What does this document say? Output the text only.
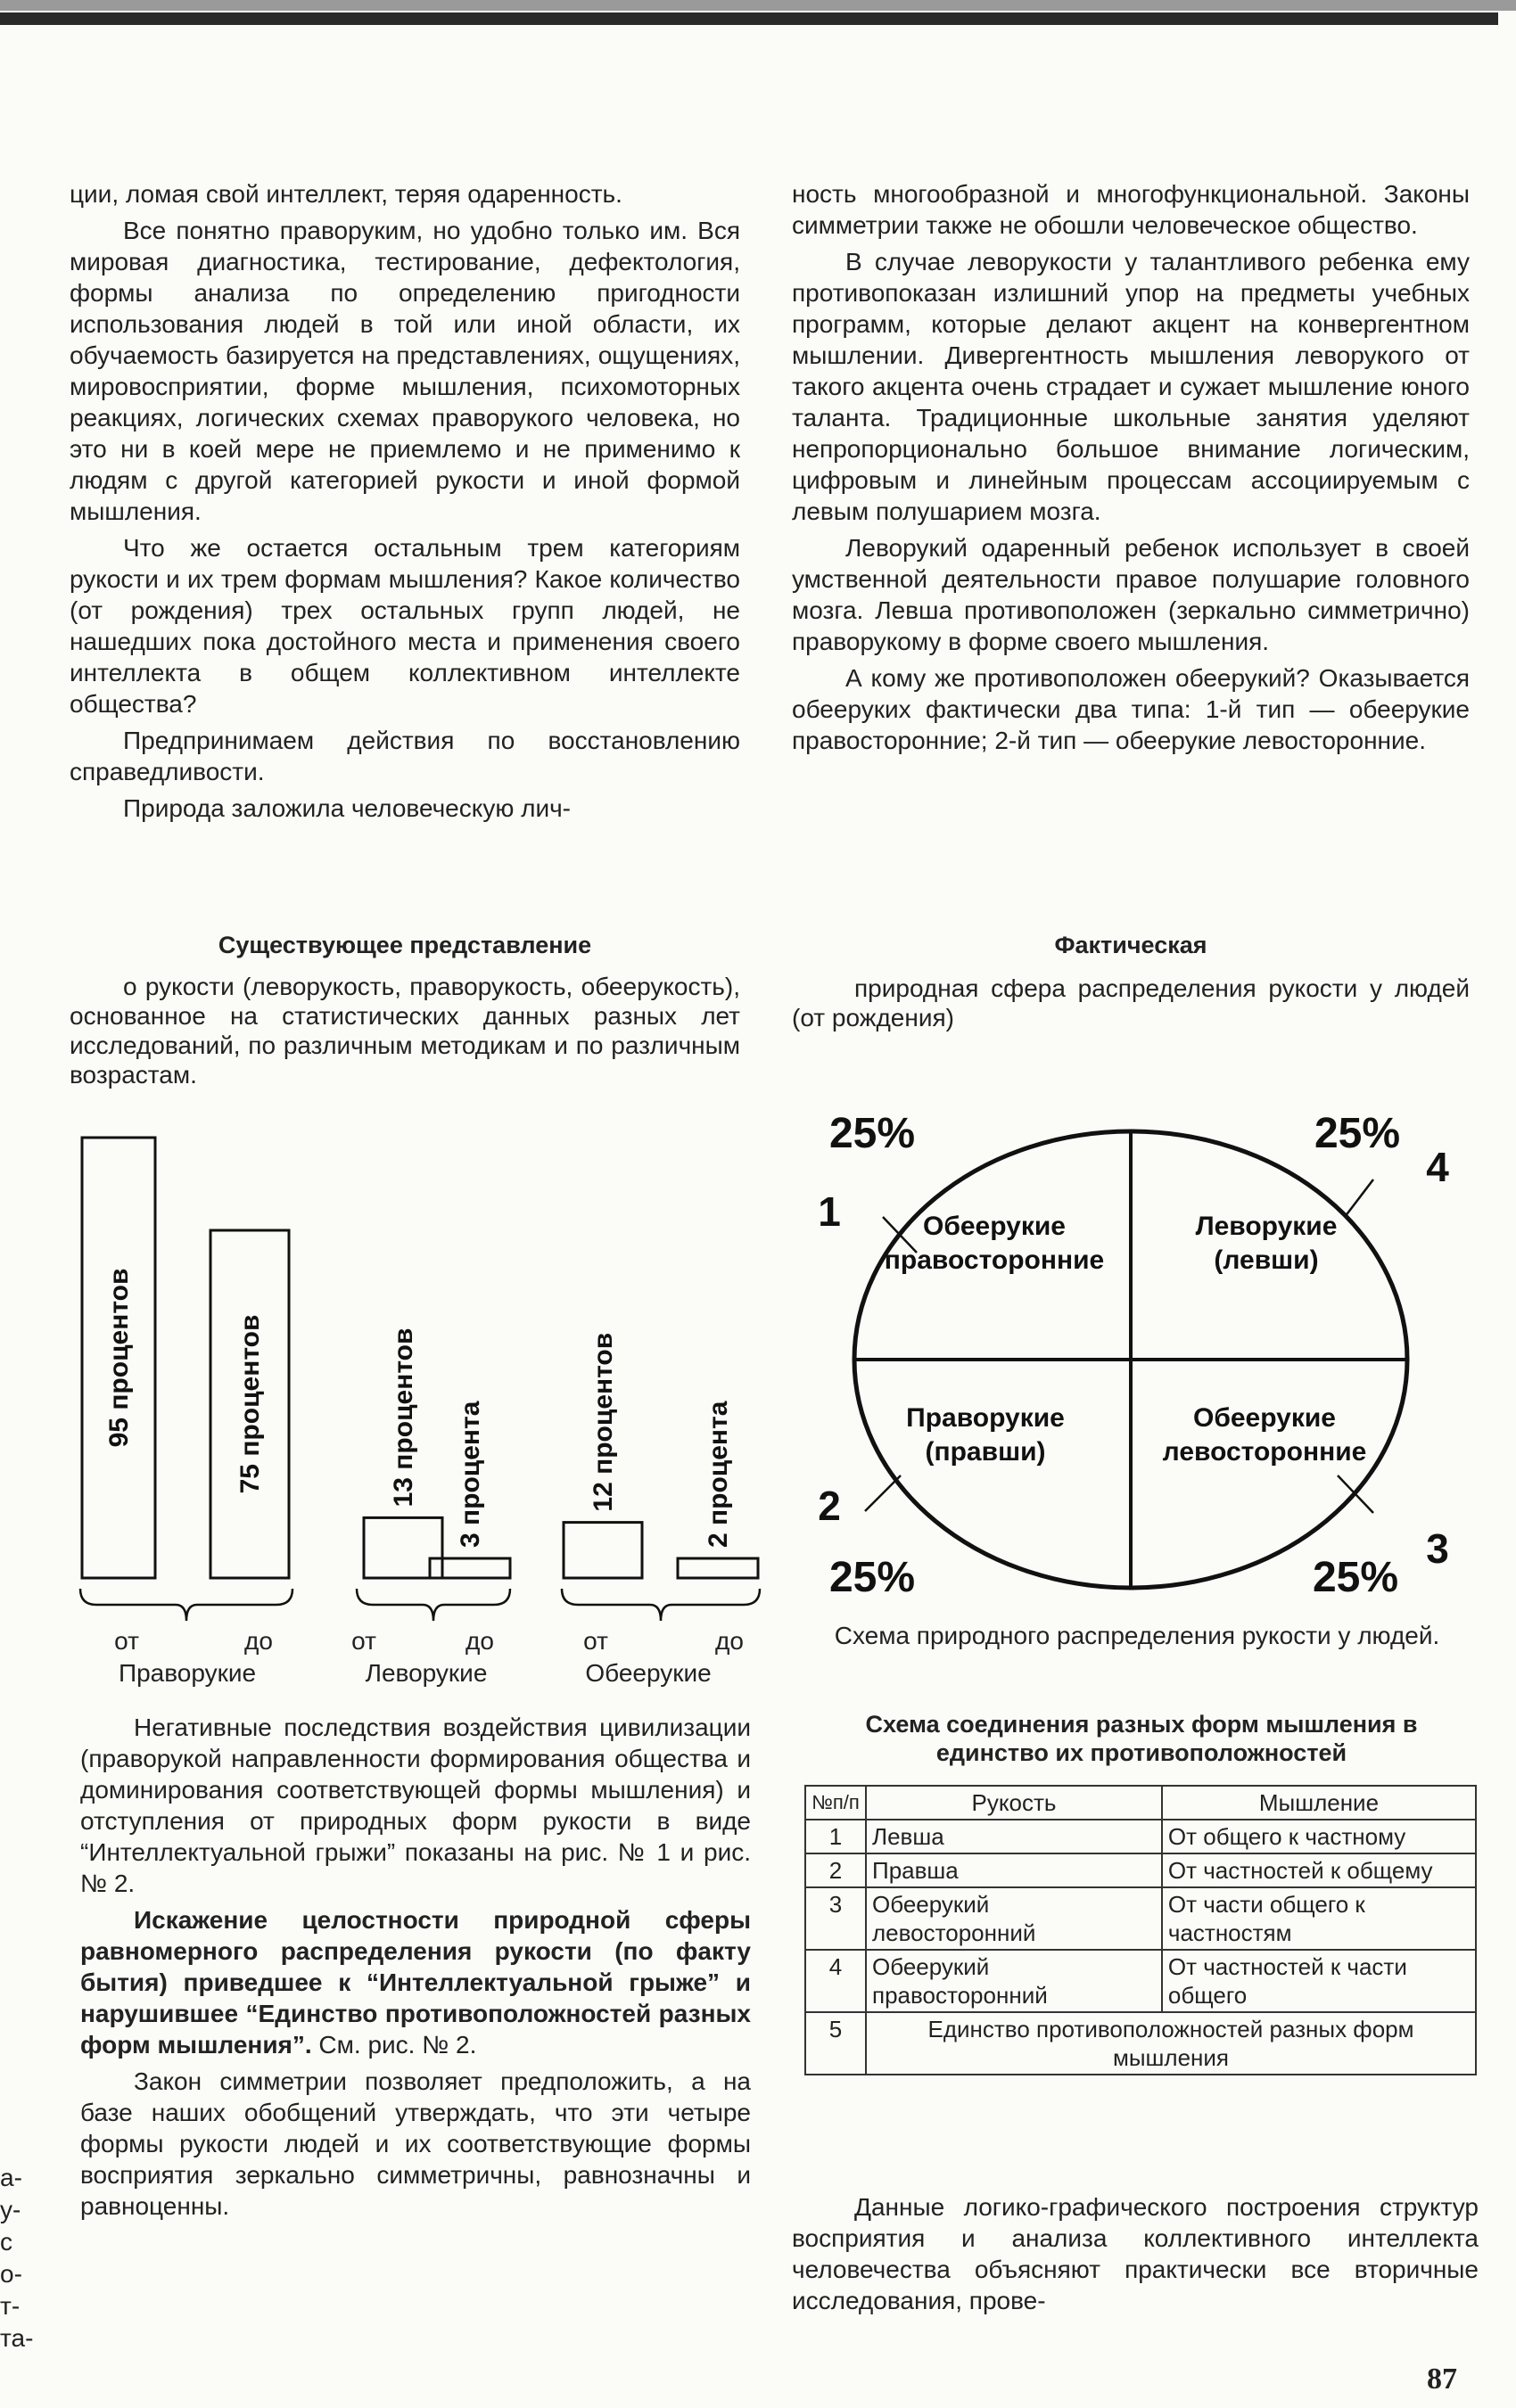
ции, ломая свой интеллект, теряя одаренность.

Все понятно праворуким, но удобно только им. Вся мировая диагностика, тестирование, дефектология, формы анализа по определению пригодности использования людей в той или иной области, их обучаемость базируется на представлениях, ощущениях, мировосприятии, форме мышления, психомоторных реакциях, логических схемах праворукого человека, но это ни в коей мере не приемлемо и не применимо к людям с другой категорией рукости и иной формой мышления.

Что же остается остальным трем категориям рукости и их трем формам мышления? Какое количество (от рождения) трех остальных групп людей, не нашедших пока достойного места и применения своего интеллекта в общем коллективном интеллекте общества?

Предпринимаем действия по восстановлению справедливости.

Природа заложила человеческую лич-

ность многообразной и многофункциональной. Законы симметрии также не обошли человеческое общество.

В случае леворукости у талантливого ребенка ему противопоказан излишний упор на предметы учебных программ, которые делают акцент на конвергентном мышлении. Дивергентность мышления леворукого от такого акцента очень страдает и сужает мышление юного таланта. Традиционные школьные занятия уделяют непропорционально большое внимание логическим, цифровым и линейным процессам ассоциируемым с левым полушарием мозга.

Леворукий одаренный ребенок использует в своей умственной деятельности правое полушарие головного мозга. Левша противоположен (зеркально симметрично) праворукому в форме своего мышления.

А кому же противоположен обеерукий? Оказывается обееруких фактически два типа: 1-й тип — обеерукие правосторонние; 2-й тип — обеерукие левосторонние.

Существующее представление
о рукости (леворукость, праворукость, обеерукость), основанное на статистических данных разных лет исследований, по различным методикам и по различным возрастам.
95 процентов	75 процентов	13 процентов 3 процента	12 процентов	2 процента
от	до
Праворукие
от	до
Леворукие
от	до
Обеерукие
Фактическая
природная сфера распределения рукости у людей (от рождения)
Обеерукие
правосторонние
25%
1	Леворукие
(левши)
25%
4
Праворукие
(правши)
25%
2
Обеерукие
левосторонние
25%
3
Схема природного распределения рукости у людей.
Схема соединения разных форм мышления в единство их противоположностей
№п/п	Рукость	Мышление
1	Левша	От общего к частному
2	Правша	От частностей к общему
3	Обеерукий левосторонний	От части общего к частностям
4	Обеерукий правосторонний	От частностей к части общего
5	Единство противоположностей разных форм мышления	

Негативные последствия воздействия цивилизации (праворукой направленности формирования общества и доминирования соответствующей формы мышления) и отступления от природных форм рукости в виде “Интеллектуальной грыжи” показаны на рис. № 1 и рис. № 2.

Искажение целостности природной сферы равномерного распределения рукости (по факту бытия) приведшее к “Интеллектуальной грыже” и нарушившее “Единство противоположностей разных форм мышления”. См. рис. № 2.

Закон симметрии позволяет предположить, а на базе наших обобщений утверждать, что эти четыре формы рукости людей и их соответствующие формы восприятия зеркально симметричны, равнозначны и равноценны.	Данные логико-графического построения структур восприятия и анализа коллективного интеллекта человечества объясняют практически все вторичные исследования, прове-
а-
у-
с
о-
т-
та-
87
